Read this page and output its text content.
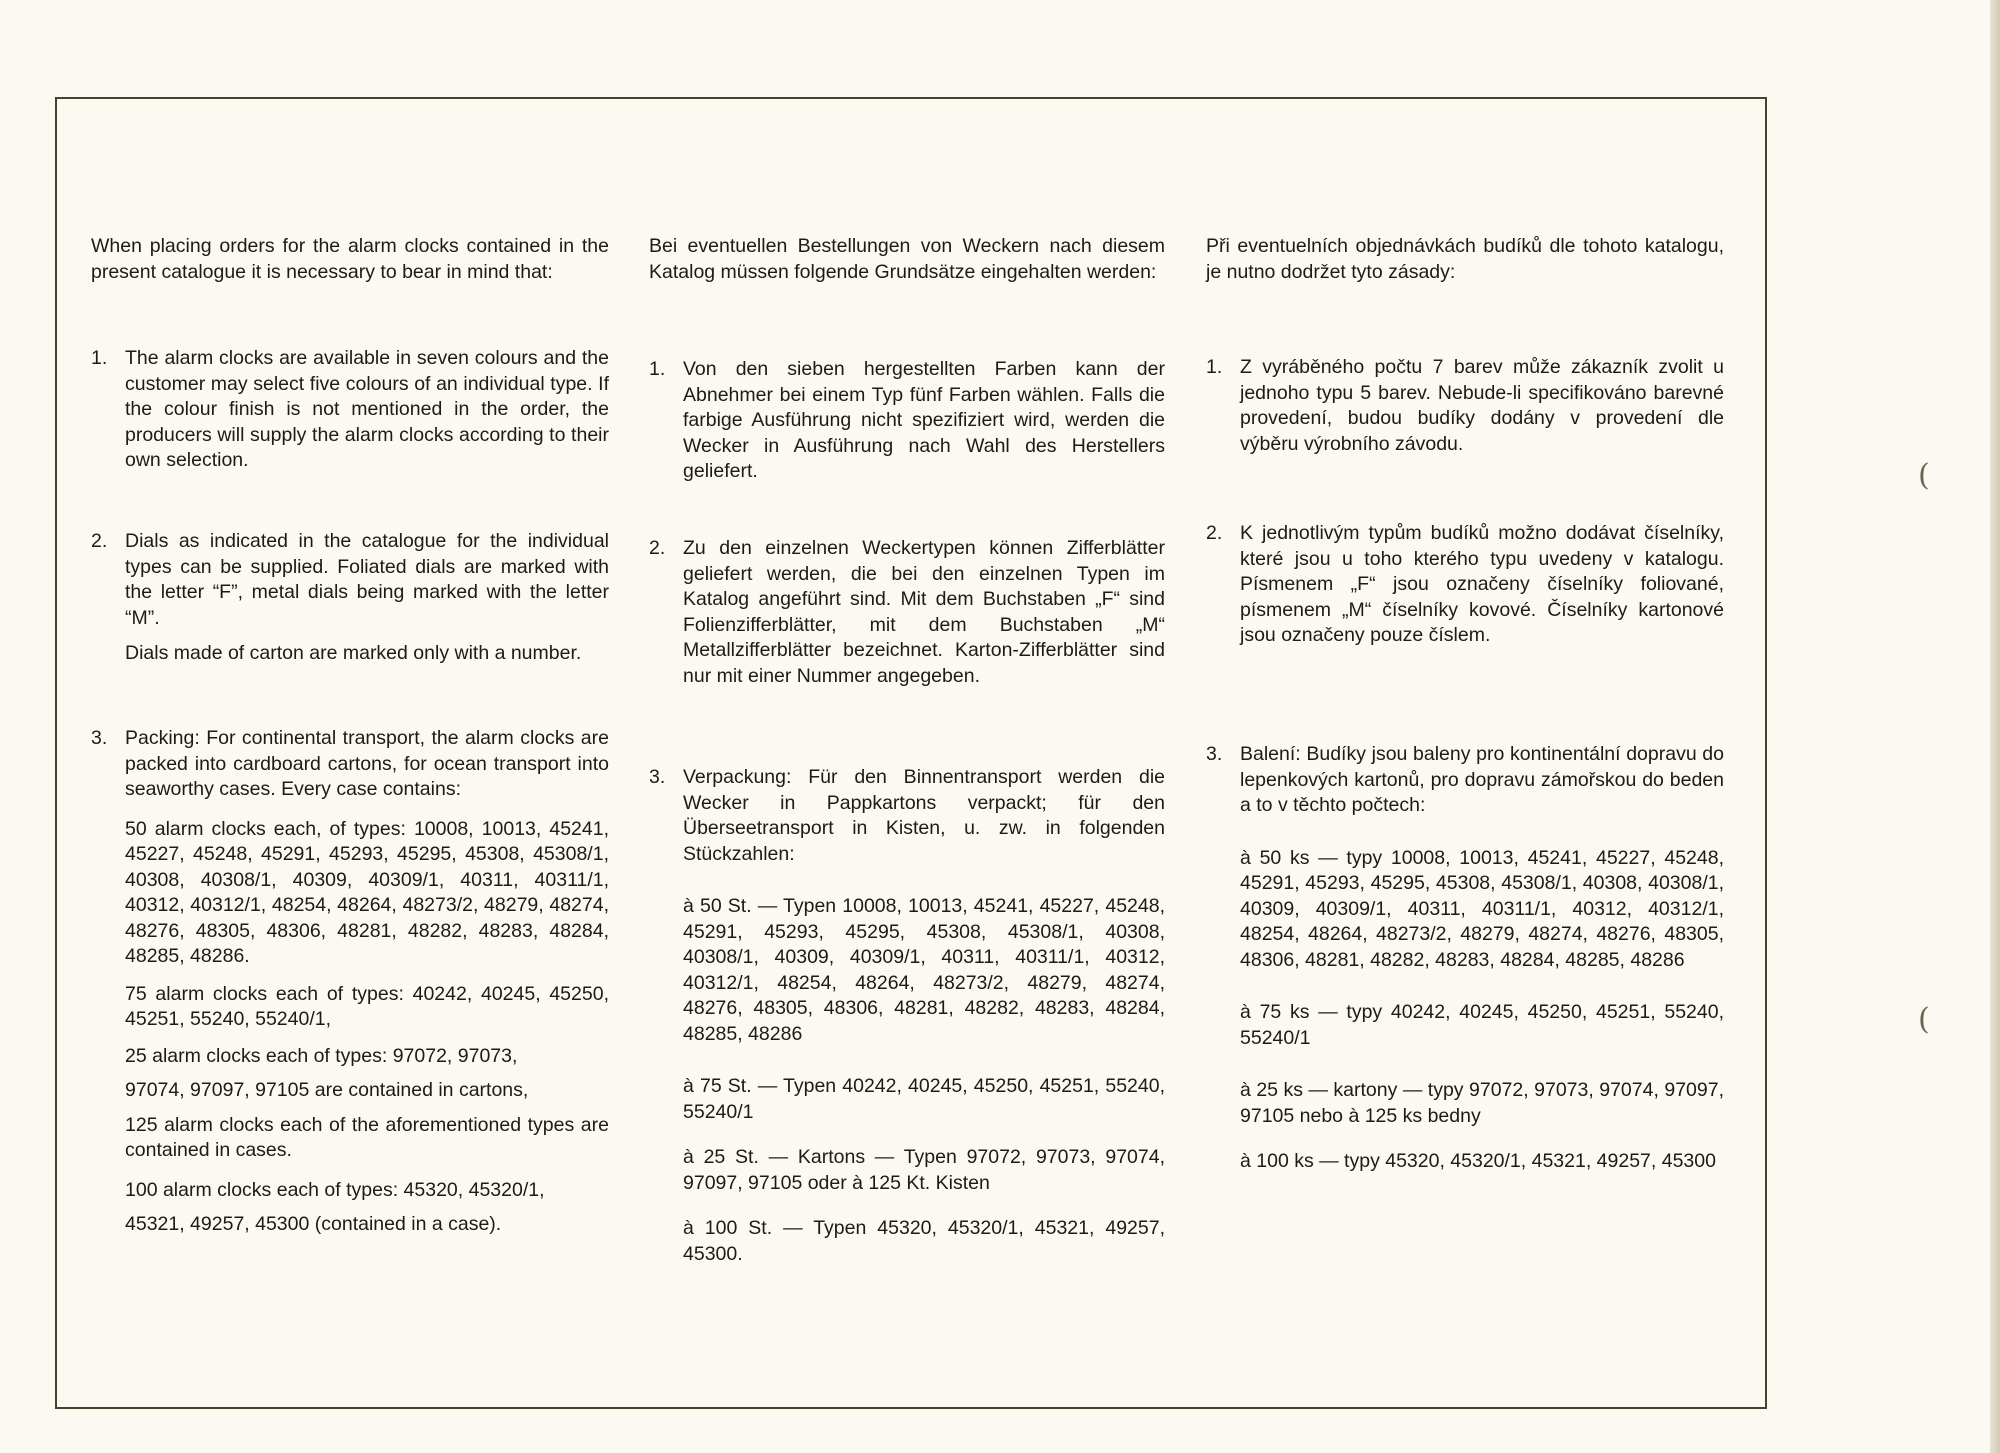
When placing orders for the alarm clocks contained in the present catalogue it is necessary to bear in mind that:

1. The alarm clocks are available in seven colours and the customer may select five colours of an individual type. If the colour finish is not mentioned in the order, the producers will supply the alarm clocks according to their own selection.

2. Dials as indicated in the catalogue for the individual types can be supplied. Foliated dials are marked with the letter “F”, metal dials being marked with the letter “M”.

Dials made of carton are marked only with a number.

3. Packing: For continental transport, the alarm clocks are packed into cardboard cartons, for ocean transport into seaworthy cases. Every case contains:

50 alarm clocks each, of types: 10008, 10013, 45241, 45227, 45248, 45291, 45293, 45295, 45308, 45308/1, 40308, 40308/1, 40309, 40309/1, 40311, 40311/1, 40312, 40312/1, 48254, 48264, 48273/2, 48279, 48274, 48276, 48305, 48306, 48281, 48282, 48283, 48284, 48285, 48286.

75 alarm clocks each of types: 40242, 40245, 45250, 45251, 55240, 55240/1,

25 alarm clocks each of types: 97072, 97073,

97074, 97097, 97105 are contained in cartons,

125 alarm clocks each of the aforementioned types are contained in cases.

100 alarm clocks each of types: 45320, 45320/1,

45321, 49257, 45300 (contained in a case).

Bei eventuellen Bestellungen von Weckern nach diesem Katalog müssen folgende Grundsätze eingehalten werden:

1. Von den sieben hergestellten Farben kann der Abnehmer bei einem Typ fünf Farben wählen. Falls die farbige Ausführung nicht spezifiziert wird, werden die Wecker in Ausführung nach Wahl des Herstellers geliefert.

2. Zu den einzelnen Weckertypen können Zifferblätter geliefert werden, die bei den einzelnen Typen im Katalog angeführt sind. Mit dem Buchstaben „F“ sind Folienzifferblätter, mit dem Buchstaben „M“ Metallzifferblätter bezeichnet. Karton-Zifferblätter sind nur mit einer Nummer angegeben.

3. Verpackung: Für den Binnentransport werden die Wecker in Pappkartons verpackt; für den Überseetransport in Kisten, u. zw. in folgenden Stückzahlen:

à 50 St. — Typen 10008, 10013, 45241, 45227, 45248, 45291, 45293, 45295, 45308, 45308/1, 40308, 40308/1, 40309, 40309/1, 40311, 40311/1, 40312, 40312/1, 48254, 48264, 48273/2, 48279, 48274, 48276, 48305, 48306, 48281, 48282, 48283, 48284, 48285, 48286

à 75 St. — Typen 40242, 40245, 45250, 45251, 55240, 55240/1

à 25 St. — Kartons — Typen 97072, 97073, 97074, 97097, 97105 oder à 125 Kt. Kisten

à 100 St. — Typen 45320, 45320/1, 45321, 49257, 45300.

Při eventuelních objednávkách budíků dle tohoto katalogu, je nutno dodržet tyto zásady:

1. Z vyráběného počtu 7 barev může zákazník zvolit u jednoho typu 5 barev. Nebude-li specifikováno barevné provedení, budou budíky dodány v provedení dle výběru výrobního závodu.

2. K jednotlivým typům budíků možno dodávat číselníky, které jsou u toho kterého typu uvedeny v katalogu. Písmenem „F“ jsou označeny číselníky foliované, písmenem „M“ číselníky kovové. Číselníky kartonové jsou označeny pouze číslem.

3. Balení: Budíky jsou baleny pro kontinentální dopravu do lepenkových kartonů, pro dopravu zámořskou do beden a to v těchto počtech:

à 50 ks — typy 10008, 10013, 45241, 45227, 45248, 45291, 45293, 45295, 45308, 45308/1, 40308, 40308/1, 40309, 40309/1, 40311, 40311/1, 40312, 40312/1, 48254, 48264, 48273/2, 48279, 48274, 48276, 48305, 48306, 48281, 48282, 48283, 48284, 48285, 48286

à 75 ks — typy 40242, 40245, 45250, 45251, 55240, 55240/1

à 25 ks — kartony — typy 97072, 97073, 97074, 97097, 97105 nebo à 125 ks bedny

à 100 ks — typy 45320, 45320/1, 45321, 49257, 45300

(
(
